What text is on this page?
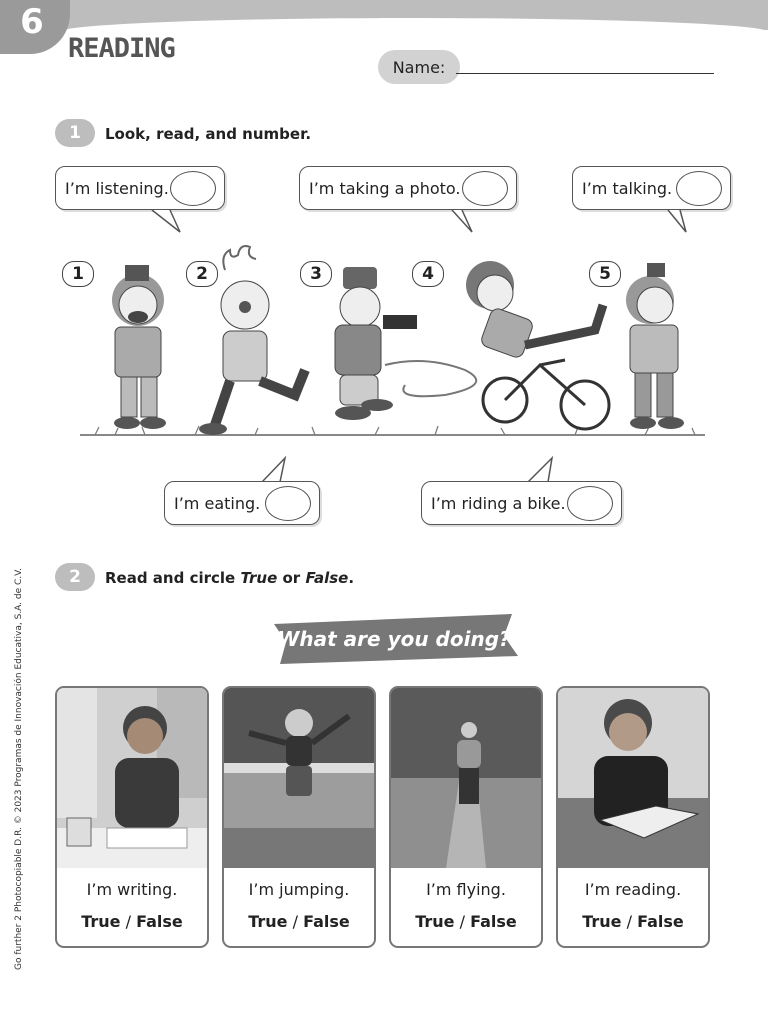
6
READING
Name:
1	Look, read, and number.
I’m listening.	I’m taking a photo.	I’m talking.
1	2	3	4	5
I’m eating.	I’m riding a bike.
2	Read and circle True or False.
What are you doing?
I’m writing.
True / False
I’m jumping.
True / False
I’m flying.
True / False
I’m reading.
True / False
Go further 2 Photocopiable D.R. © 2023 Programas de Innovación Educativa, S.A. de C.V.
